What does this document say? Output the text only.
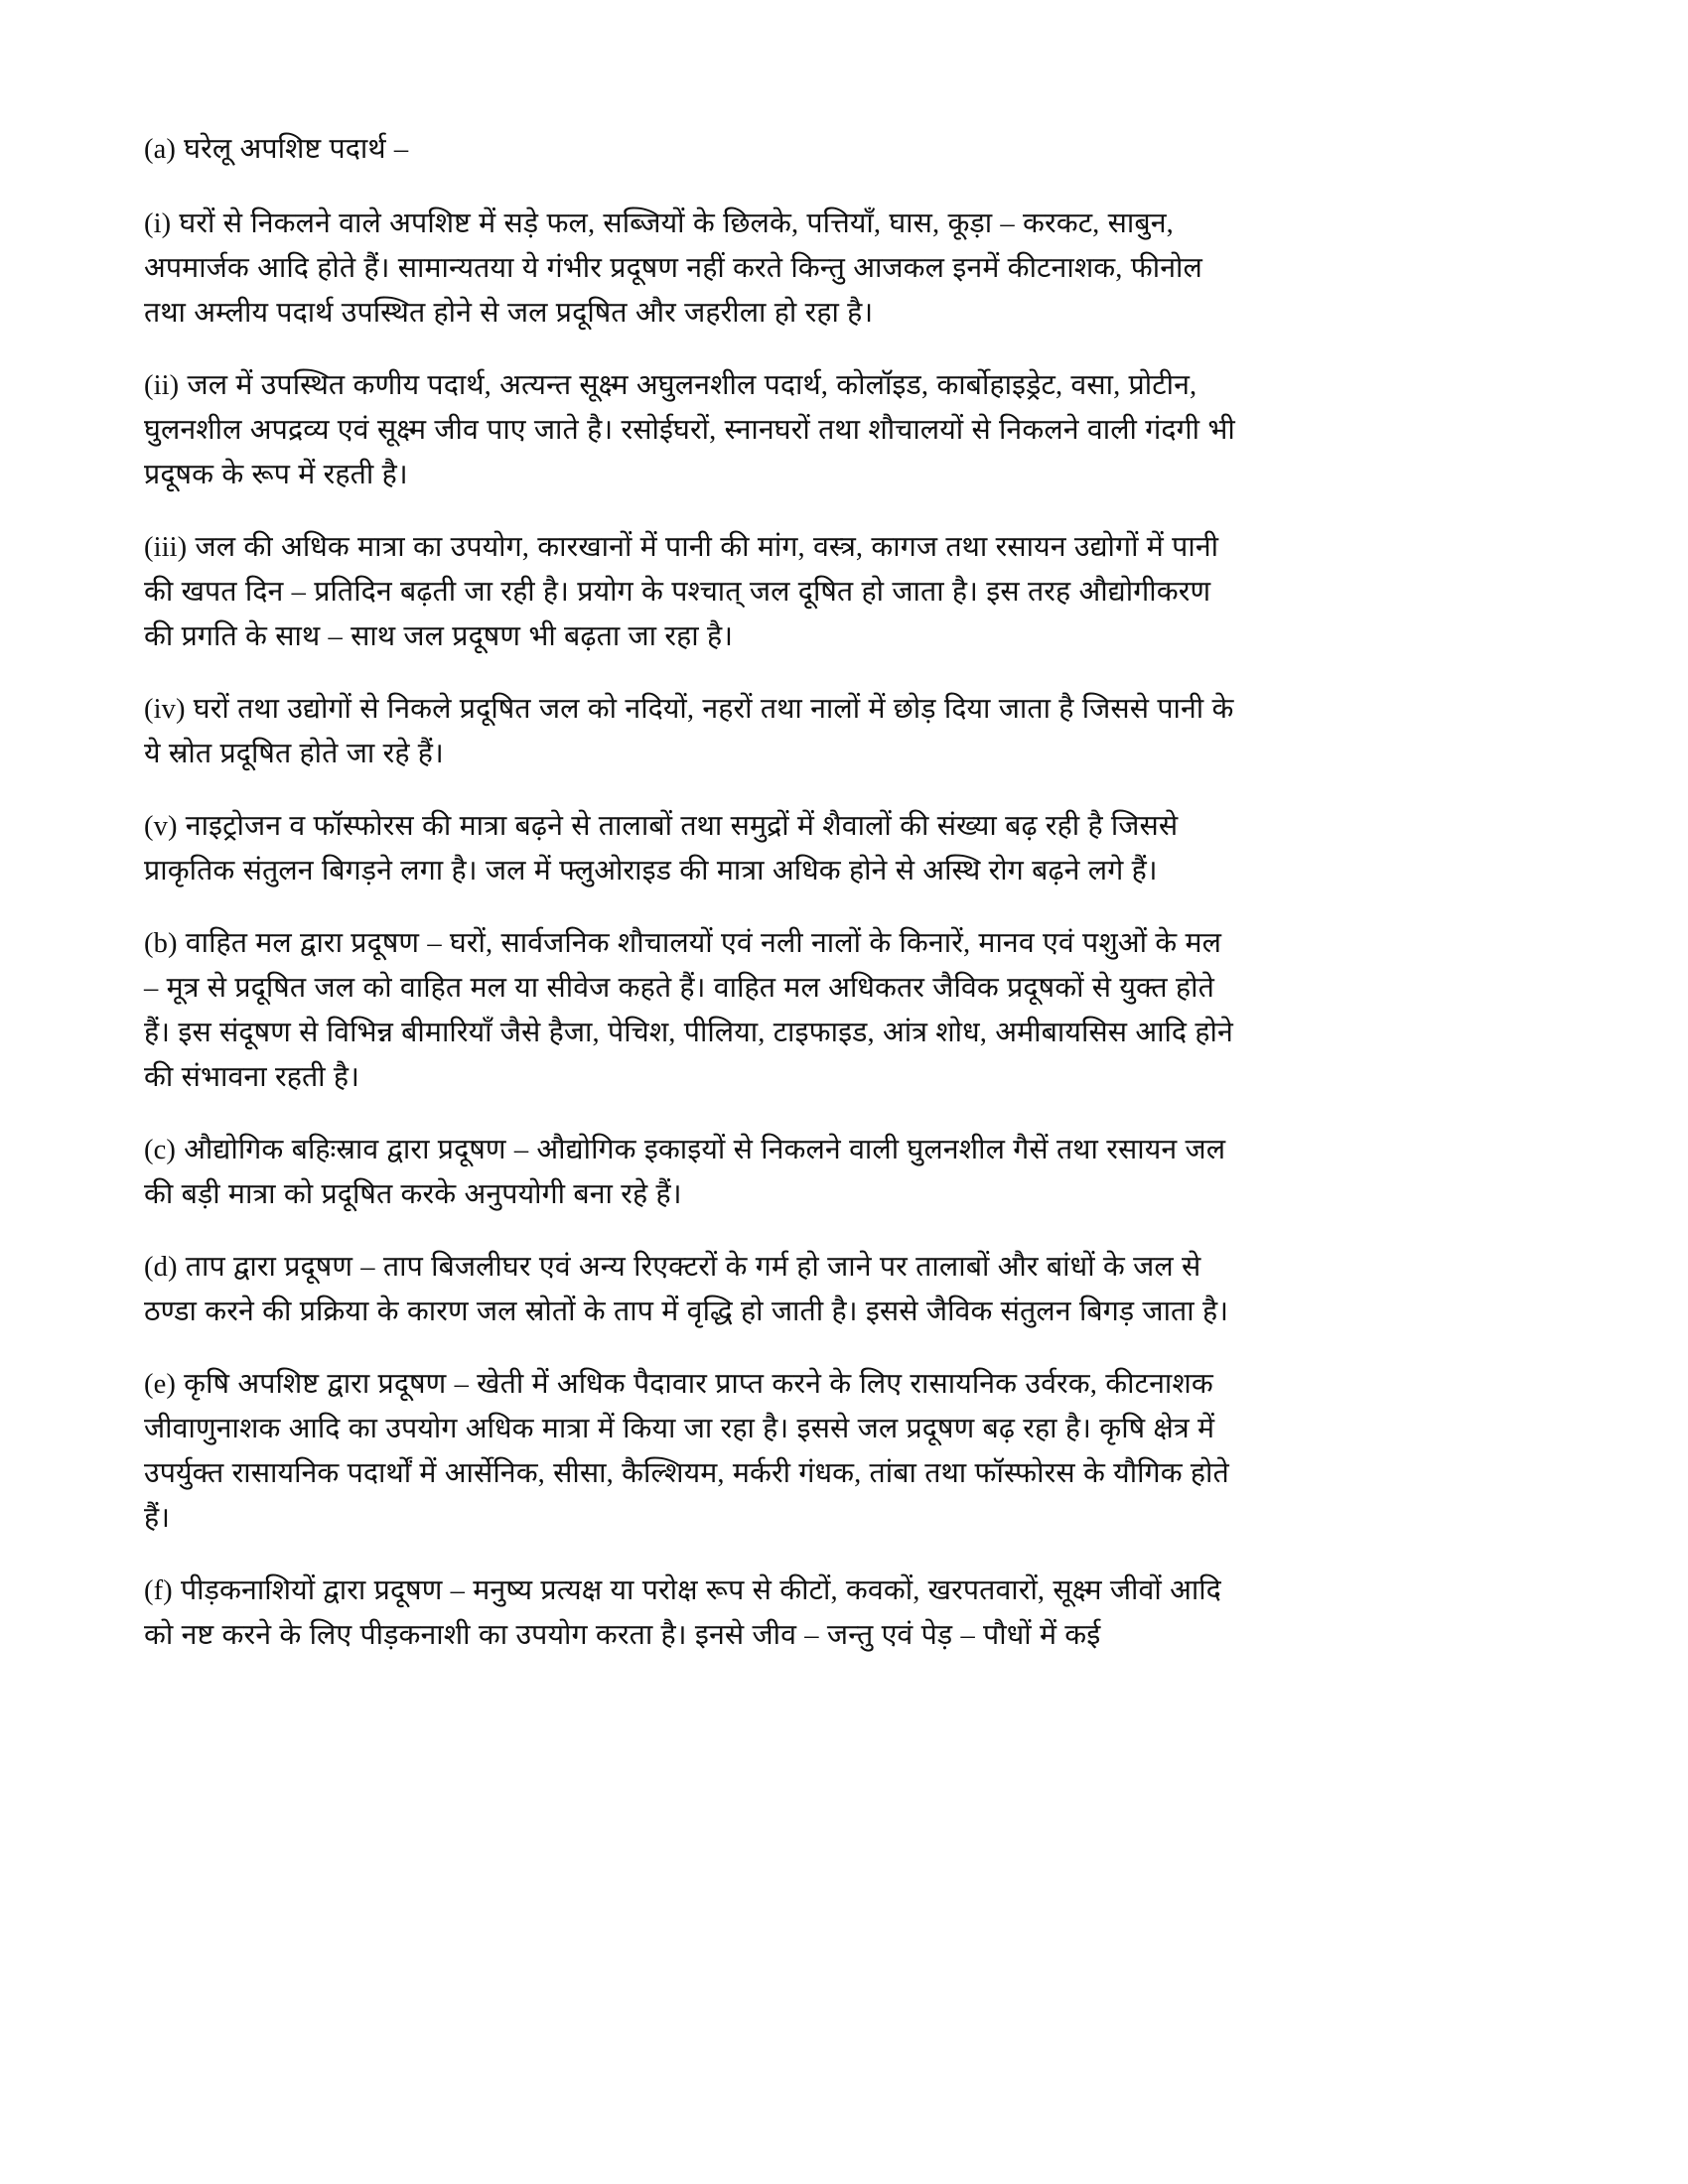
(a) घरेलू अपशिष्ट पदार्थ –

(i) घरों से निकलने वाले अपशिष्ट में सड़े फल, सब्जियों के छिलके, पत्तियाँ, घास, कूड़ा – करकट, साबुन, अपमार्जक आदि होते हैं। सामान्यतया ये गंभीर प्रदूषण नहीं करते किन्तु आजकल इनमें कीटनाशक, फीनोल तथा अम्लीय पदार्थ उपस्थित होने से जल प्रदूषित और जहरीला हो रहा है।

(ii) जल में उपस्थित कणीय पदार्थ, अत्यन्त सूक्ष्म अघुलनशील पदार्थ, कोलॉइड, कार्बोहाइड्रेट, वसा, प्रोटीन, घुलनशील अपद्रव्य एवं सूक्ष्म जीव पाए जाते है। रसोईघरों, स्नानघरों तथा शौचालयों से निकलने वाली गंदगी भी प्रदूषक के रूप में रहती है।

(iii) जल की अधिक मात्रा का उपयोग, कारखानों में पानी की मांग, वस्त्र, कागज तथा रसायन उद्योगों में पानी की खपत दिन – प्रतिदिन बढ़ती जा रही है। प्रयोग के पश्चात् जल दूषित हो जाता है। इस तरह औद्योगीकरण की प्रगति के साथ – साथ जल प्रदूषण भी बढ़ता जा रहा है।

(iv) घरों तथा उद्योगों से निकले प्रदूषित जल को नदियों, नहरों तथा नालों में छोड़ दिया जाता है जिससे पानी के ये स्रोत प्रदूषित होते जा रहे हैं।

(v) नाइट्रोजन व फॉस्फोरस की मात्रा बढ़ने से तालाबों तथा समुद्रों में शैवालों की संख्या बढ़ रही है जिससे प्राकृतिक संतुलन बिगड़ने लगा है। जल में फ्लुओराइड की मात्रा अधिक होने से अस्थि रोग बढ़ने लगे हैं।

(b) वाहित मल द्वारा प्रदूषण – घरों, सार्वजनिक शौचालयों एवं नली नालों के किनारें, मानव एवं पशुओं के मल – मूत्र से प्रदूषित जल को वाहित मल या सीवेज कहते हैं। वाहित मल अधिकतर जैविक प्रदूषकों से युक्त होते हैं। इस संदूषण से विभिन्न बीमारियाँ जैसे हैजा, पेचिश, पीलिया, टाइफाइड, आंत्र शोध, अमीबायसिस आदि होने की संभावना रहती है।

(c) औद्योगिक बहिःस्राव द्वारा प्रदूषण – औद्योगिक इकाइयों से निकलने वाली घुलनशील गैसें तथा रसायन जल की बड़ी मात्रा को प्रदूषित करके अनुपयोगी बना रहे हैं।

(d) ताप द्वारा प्रदूषण – ताप बिजलीघर एवं अन्य रिएक्टरों के गर्म हो जाने पर तालाबों और बांधों के जल से ठण्डा करने की प्रक्रिया के कारण जल स्रोतों के ताप में वृद्धि हो जाती है। इससे जैविक संतुलन बिगड़ जाता है।

(e) कृषि अपशिष्ट द्वारा प्रदूषण – खेती में अधिक पैदावार प्राप्त करने के लिए रासायनिक उर्वरक, कीटनाशक जीवाणुनाशक आदि का उपयोग अधिक मात्रा में किया जा रहा है। इससे जल प्रदूषण बढ़ रहा है। कृषि क्षेत्र में उपर्युक्त रासायनिक पदार्थों में आर्सेनिक, सीसा, कैल्शियम, मर्करी गंधक, तांबा तथा फॉस्फोरस के यौगिक होते हैं।

(f) पीड़कनाशियों द्वारा प्रदूषण – मनुष्य प्रत्यक्ष या परोक्ष रूप से कीटों, कवकों, खरपतवारों, सूक्ष्म जीवों आदि को नष्ट करने के लिए पीड़कनाशी का उपयोग करता है। इनसे जीव – जन्तु एवं पेड़ – पौधों में कई
